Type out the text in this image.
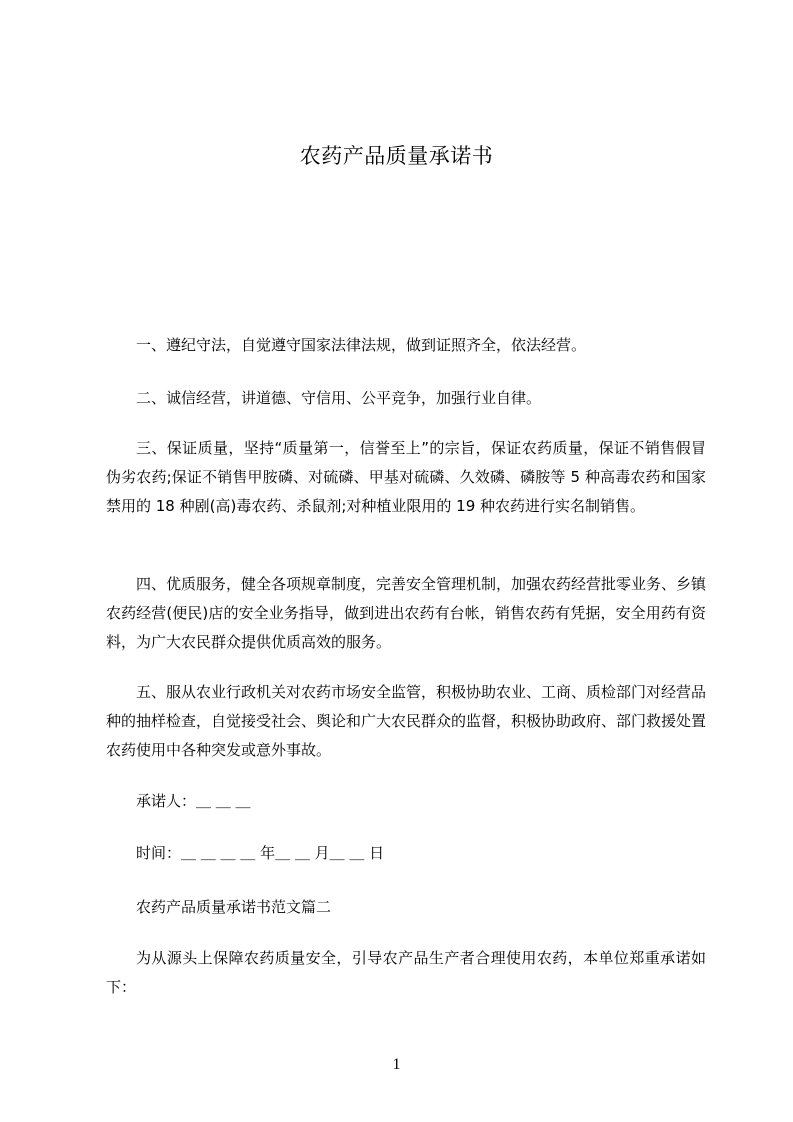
农药产品质量承诺书

一、遵纪守法，自觉遵守国家法律法规，做到证照齐全，依法经营。

二、诚信经营，讲道德、守信用、公平竞争，加强行业自律。

三、保证质量，坚持“质量第一，信誉至上”的宗旨，保证农药质量，保证不销售假冒伪劣农药;保证不销售甲胺磷、对硫磷、甲基对硫磷、久效磷、磷胺等 5 种高毒农药和国家禁用的 18 种剧(高)毒农药、杀鼠剂;对种植业限用的 19 种农药进行实名制销售。

四、优质服务，健全各项规章制度，完善安全管理机制，加强农药经营批零业务、乡镇农药经营(便民)店的安全业务指导，做到进出农药有台帐，销售农药有凭据，安全用药有资料，为广大农民群众提供优质高效的服务。

五、服从农业行政机关对农药市场安全监管，积极协助农业、工商、质检部门对经营品种的抽样检查，自觉接受社会、舆论和广大农民群众的监督，积极协助政府、部门救援处置农药使用中各种突发或意外事故。

承诺人：＿ ＿ ＿

时间：＿ ＿ ＿ ＿ 年＿ ＿ 月＿ ＿ 日

农药产品质量承诺书范文篇二

为从源头上保障农药质量安全，引导农产品生产者合理使用农药，本单位郑重承诺如下：

1
